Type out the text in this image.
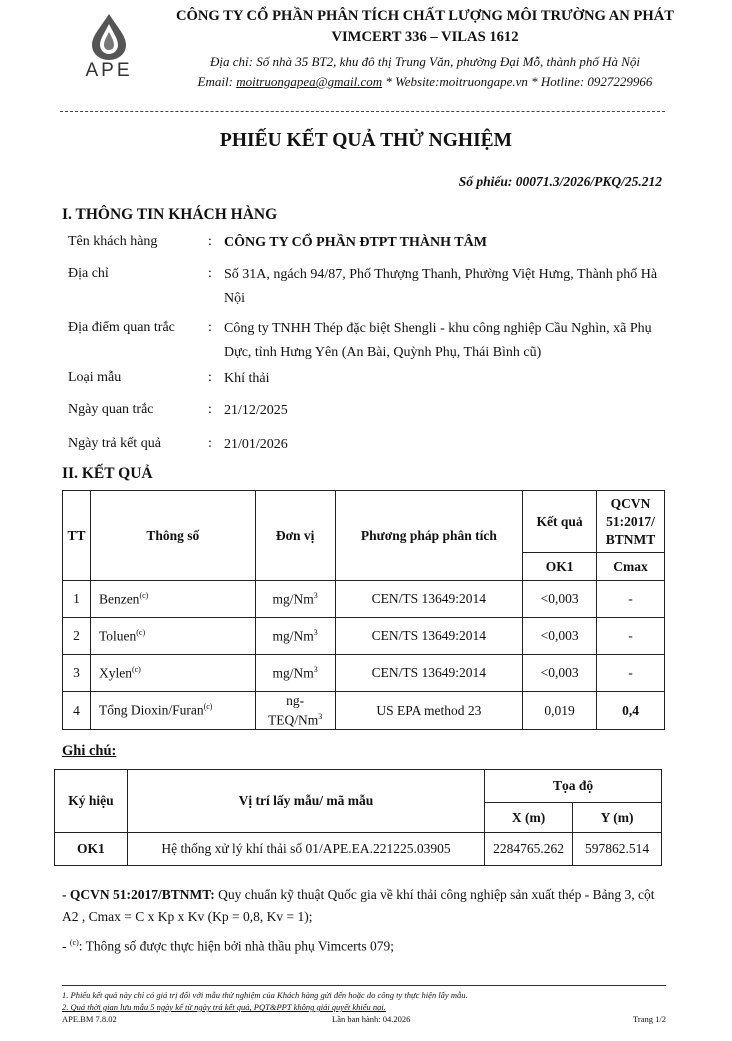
APE
CÔNG TY CỔ PHẦN PHÂN TÍCH CHẤT LƯỢNG MÔI TRƯỜNG AN PHÁT
VIMCERT 336 – VILAS 1612
Địa chỉ: Số nhà 35 BT2, khu đô thị Trung Văn, phường Đại Mỗ, thành phố Hà Nội
Email: moitruongapea@gmail.com * Website:moitruongape.vn * Hotline: 0927229966
PHIẾU KẾT QUẢ THỬ NGHIỆM
Số phiếu: 00071.3/2026/PKQ/25.212
I. THÔNG TIN KHÁCH HÀNG
Tên khách hàng	: CÔNG TY CỔ PHẦN ĐTPT THÀNH TÂM
Địa chỉ	: Số 31A, ngách 94/87, Phố Thượng Thanh, Phường Việt Hưng, Thành phố Hà Nội
Địa điểm quan trắc : Công ty TNHH Thép đặc biệt Shengli - khu công nghiệp Cầu Nghìn, xã Phụ Dực, tỉnh Hưng Yên (An Bài, Quỳnh Phụ, Thái Bình cũ)
Loại mẫu	: Khí thải
Ngày quan trắc	: 21/12/2025
Ngày trả kết quả	: 21/01/2026
II. KẾT QUẢ
TT	Thông số	Đơn vị	Phương pháp phân tích	Kết quả	QCVN 51:2017/ BTNMT
				OK1	Cmax
1	Benzen$^{(c)}$	mg/Nm$^3$	CEN/TS 13649:2014	<0,003	-
2	Toluen$^{(c)}$	mg/Nm$^3$	CEN/TS 13649:2014	<0,003	-
3	Xylen$^{(c)}$	mg/Nm$^3$	CEN/TS 13649:2014	<0,003	-
4	Tổng Dioxin/Furan$^{(c)}$	ng-
TEQ/Nm$^3$	US EPA method 23	0,019	0,4
Ghi chú:
Ký hiệu	Vị trí lấy mẫu/ mã mẫu	Tọa độ	
		X (m)	Y (m)
OK1	Hệ thống xử lý khí thải số 01/APE.EA.221225.03905	2284765.262	597862.514
- QCVN 51:2017/BTNMT: Quy chuẩn kỹ thuật Quốc gia về khí thải công nghiệp sản xuất thép - Bảng 3, cột A2 , Cmax = C x Kp x Kv (Kp = 0,8, Kv = 1);
- $^{(c)}$: Thông số được thực hiện bởi nhà thầu phụ Vimcerts 079;
1. Phiếu kết quả này chỉ có giá trị đối với mẫu thử nghiệm của Khách hàng gửi đến hoặc do công ty thực hiện lấy mẫu.
2. Quá thời gian lưu mẫu 5 ngày kể từ ngày trả kết quả, PQT&PPT không giải quyết khiếu nại.
APE.BM 7.8.02	Lần ban hành: 04.2026	Trang 1/2
